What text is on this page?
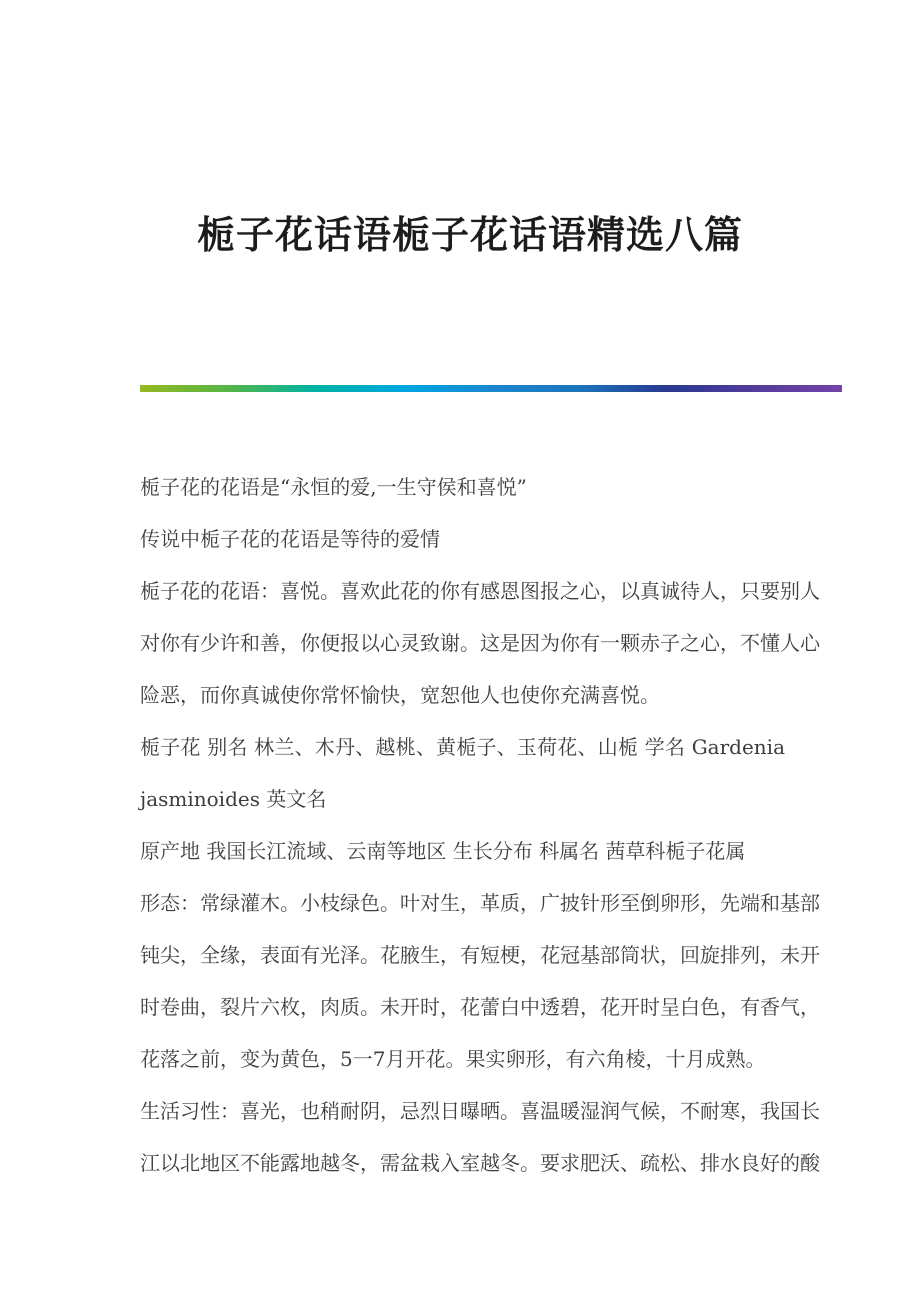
栀子花话语栀子花话语精选八篇
栀子花的花语是“永恒的爱,一生守侯和喜悦”
传说中栀子花的花语是等待的爱情
栀子花的花语：喜悦。喜欢此花的你有感恩图报之心，以真诚待人，只要别人
对你有少许和善，你便报以心灵致谢。这是因为你有一颗赤子之心，不懂人心
险恶，而你真诚使你常怀愉快，宽恕他人也使你充满喜悦。
栀子花 别名 林兰、木丹、越桃、黄栀子、玉荷花、山栀 学名 Gardenia
jasminoides 英文名
原产地 我国长江流域、云南等地区 生长分布 科属名 茜草科栀子花属
形态：常绿灌木。小枝绿色。叶对生，革质，广披针形至倒卵形，先端和基部
钝尖，全缘，表面有光泽。花腋生，有短梗，花冠基部筒状，回旋排列，未开
时卷曲，裂片六枚，肉质。未开时，花蕾白中透碧，花开时呈白色，有香气，
花落之前，变为黄色，5一7月开花。果实卵形，有六角棱，十月成熟。
生活习性：喜光，也稍耐阴，忌烈日曝晒。喜温暖湿润气候，不耐寒，我国长
江以北地区不能露地越冬，需盆栽入室越冬。要求肥沃、疏松、排水良好的酸
